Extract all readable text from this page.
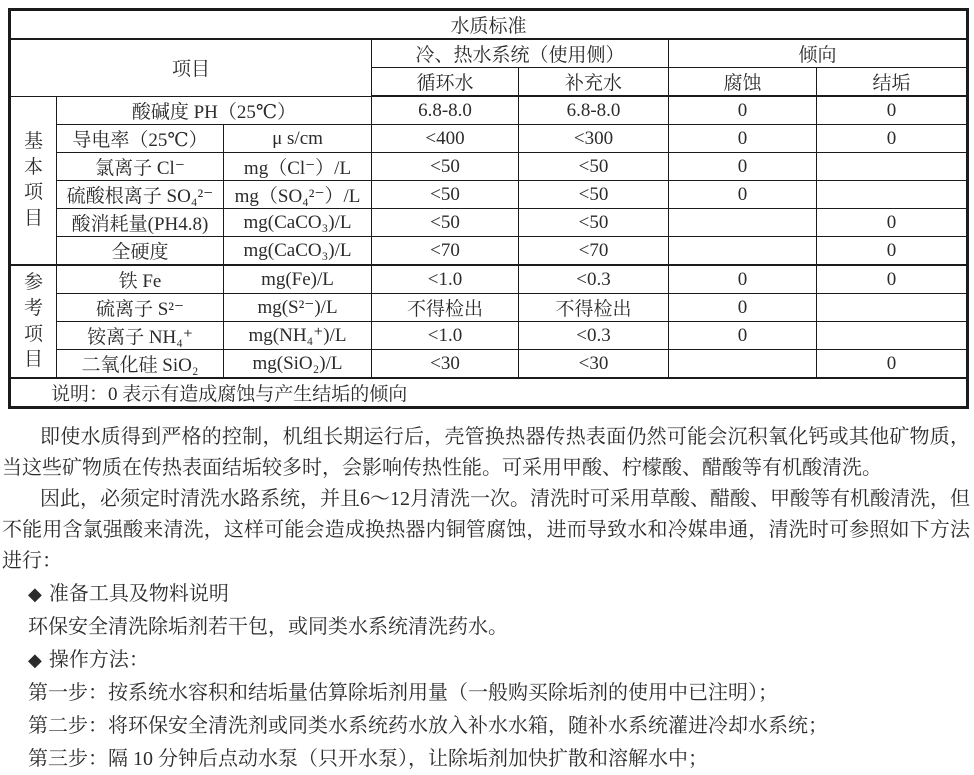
水质标准						
项目			冷、热水系统（使用侧）		倾向	
			循环水	补充水	腐蚀	结垢

基本项目	酸碱度 PH（25℃）		6.8-8.0	6.8-8.0	0	0
	导电率（25℃）	μ s/cm	<400	<300	0	0
	氯离子 Cl⁻	mg（Cl⁻）/L	<50	<50	0	
	硫酸根离子 SO₄²⁻	mg（SO₄²⁻）/L	<50	<50	0	
	酸消耗量(PH4.8)	mg(CaCO₃)/L	<50	<50		0
	全硬度	mg(CaCO₃)/L	<70	<70		0

参考项目	铁 Fe	mg(Fe)/L	<1.0	<0.3	0	0
	硫离子 S²⁻	mg(S²⁻)/L	不得检出	不得检出	0	
	铵离子 NH₄⁺	mg(NH₄⁺)/L	<1.0	<0.3	0	
	二氧化硅 SiO₂	mg(SiO₂)/L	<30	<30		0
说明：0 表示有造成腐蚀与产生结垢的倾向						

即使水质得到严格的控制，机组长期运行后，壳管换热器传热表面仍然可能会沉积氧化钙或其他矿物质，当这些矿物质在传热表面结垢较多时，会影响传热性能。可采用甲酸、柠檬酸、醋酸等有机酸清洗。

因此，必须定时清洗水路系统，并且6～12月清洗一次。清洗时可采用草酸、醋酸、甲酸等有机酸清洗，但不能用含氯强酸来清洗，这样可能会造成换热器内铜管腐蚀，进而导致水和冷媒串通，清洗时可参照如下方法进行：

◆ 准备工具及物料说明

环保安全清洗除垢剂若干包，或同类水系统清洗药水。

◆ 操作方法：

第一步：按系统水容积和结垢量估算除垢剂用量（一般购买除垢剂的使用中已注明）；

第二步：将环保安全清洗剂或同类水系统药水放入补水水箱，随补水系统灌进冷却水系统；

第三步：隔 10 分钟后点动水泵（只开水泵），让除垢剂加快扩散和溶解水中；
